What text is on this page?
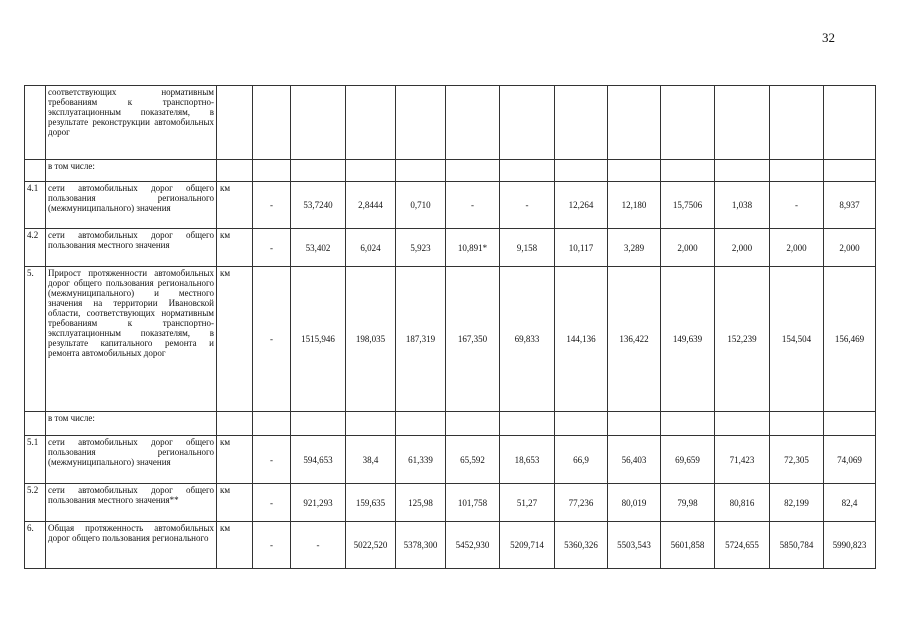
32
	соответствующих нормативным требованиям к транспортно-эксплуатационным показателям, в результате реконструкции автомобильных дорог													
	в том числе:													
4.1	сети автомобильных дорог общего пользования регионального (межмуниципального) значения	км	-	53,7240	2,8444	0,710	-	-	12,264	12,180	15,7506	1,038	-	8,937
4.2	сети автомобильных дорог общего пользования местного значения	км	-	53,402	6,024	5,923	10,891*	9,158	10,117	3,289	2,000	2,000	2,000	2,000
5.	Прирост протяженности автомобильных дорог общего пользования регионального (межмуниципального) и местного значения на территории Ивановской области, соответствующих нормативным требованиям к транспортно-эксплуатационным показателям, в результате капитального ремонта и ремонта автомобильных дорог	км	-	1515,946	198,035	187,319	167,350	69,833	144,136	136,422	149,639	152,239	154,504	156,469
	в том числе:													
5.1	сети автомобильных дорог общего пользования регионального (межмуниципального) значения	км	-	594,653	38,4	61,339	65,592	18,653	66,9	56,403	69,659	71,423	72,305	74,069
5.2	сети автомобильных дорог общего пользования местного значения**	км	-	921,293	159,635	125,98	101,758	51,27	77,236	80,019	79,98	80,816	82,199	82,4
6.	Общая протяженность автомобильных дорог общего пользования регионального	км	-	-	5022,520	5378,300	5452,930	5209,714	5360,326	5503,543	5601,858	5724,655	5850,784	5990,823
